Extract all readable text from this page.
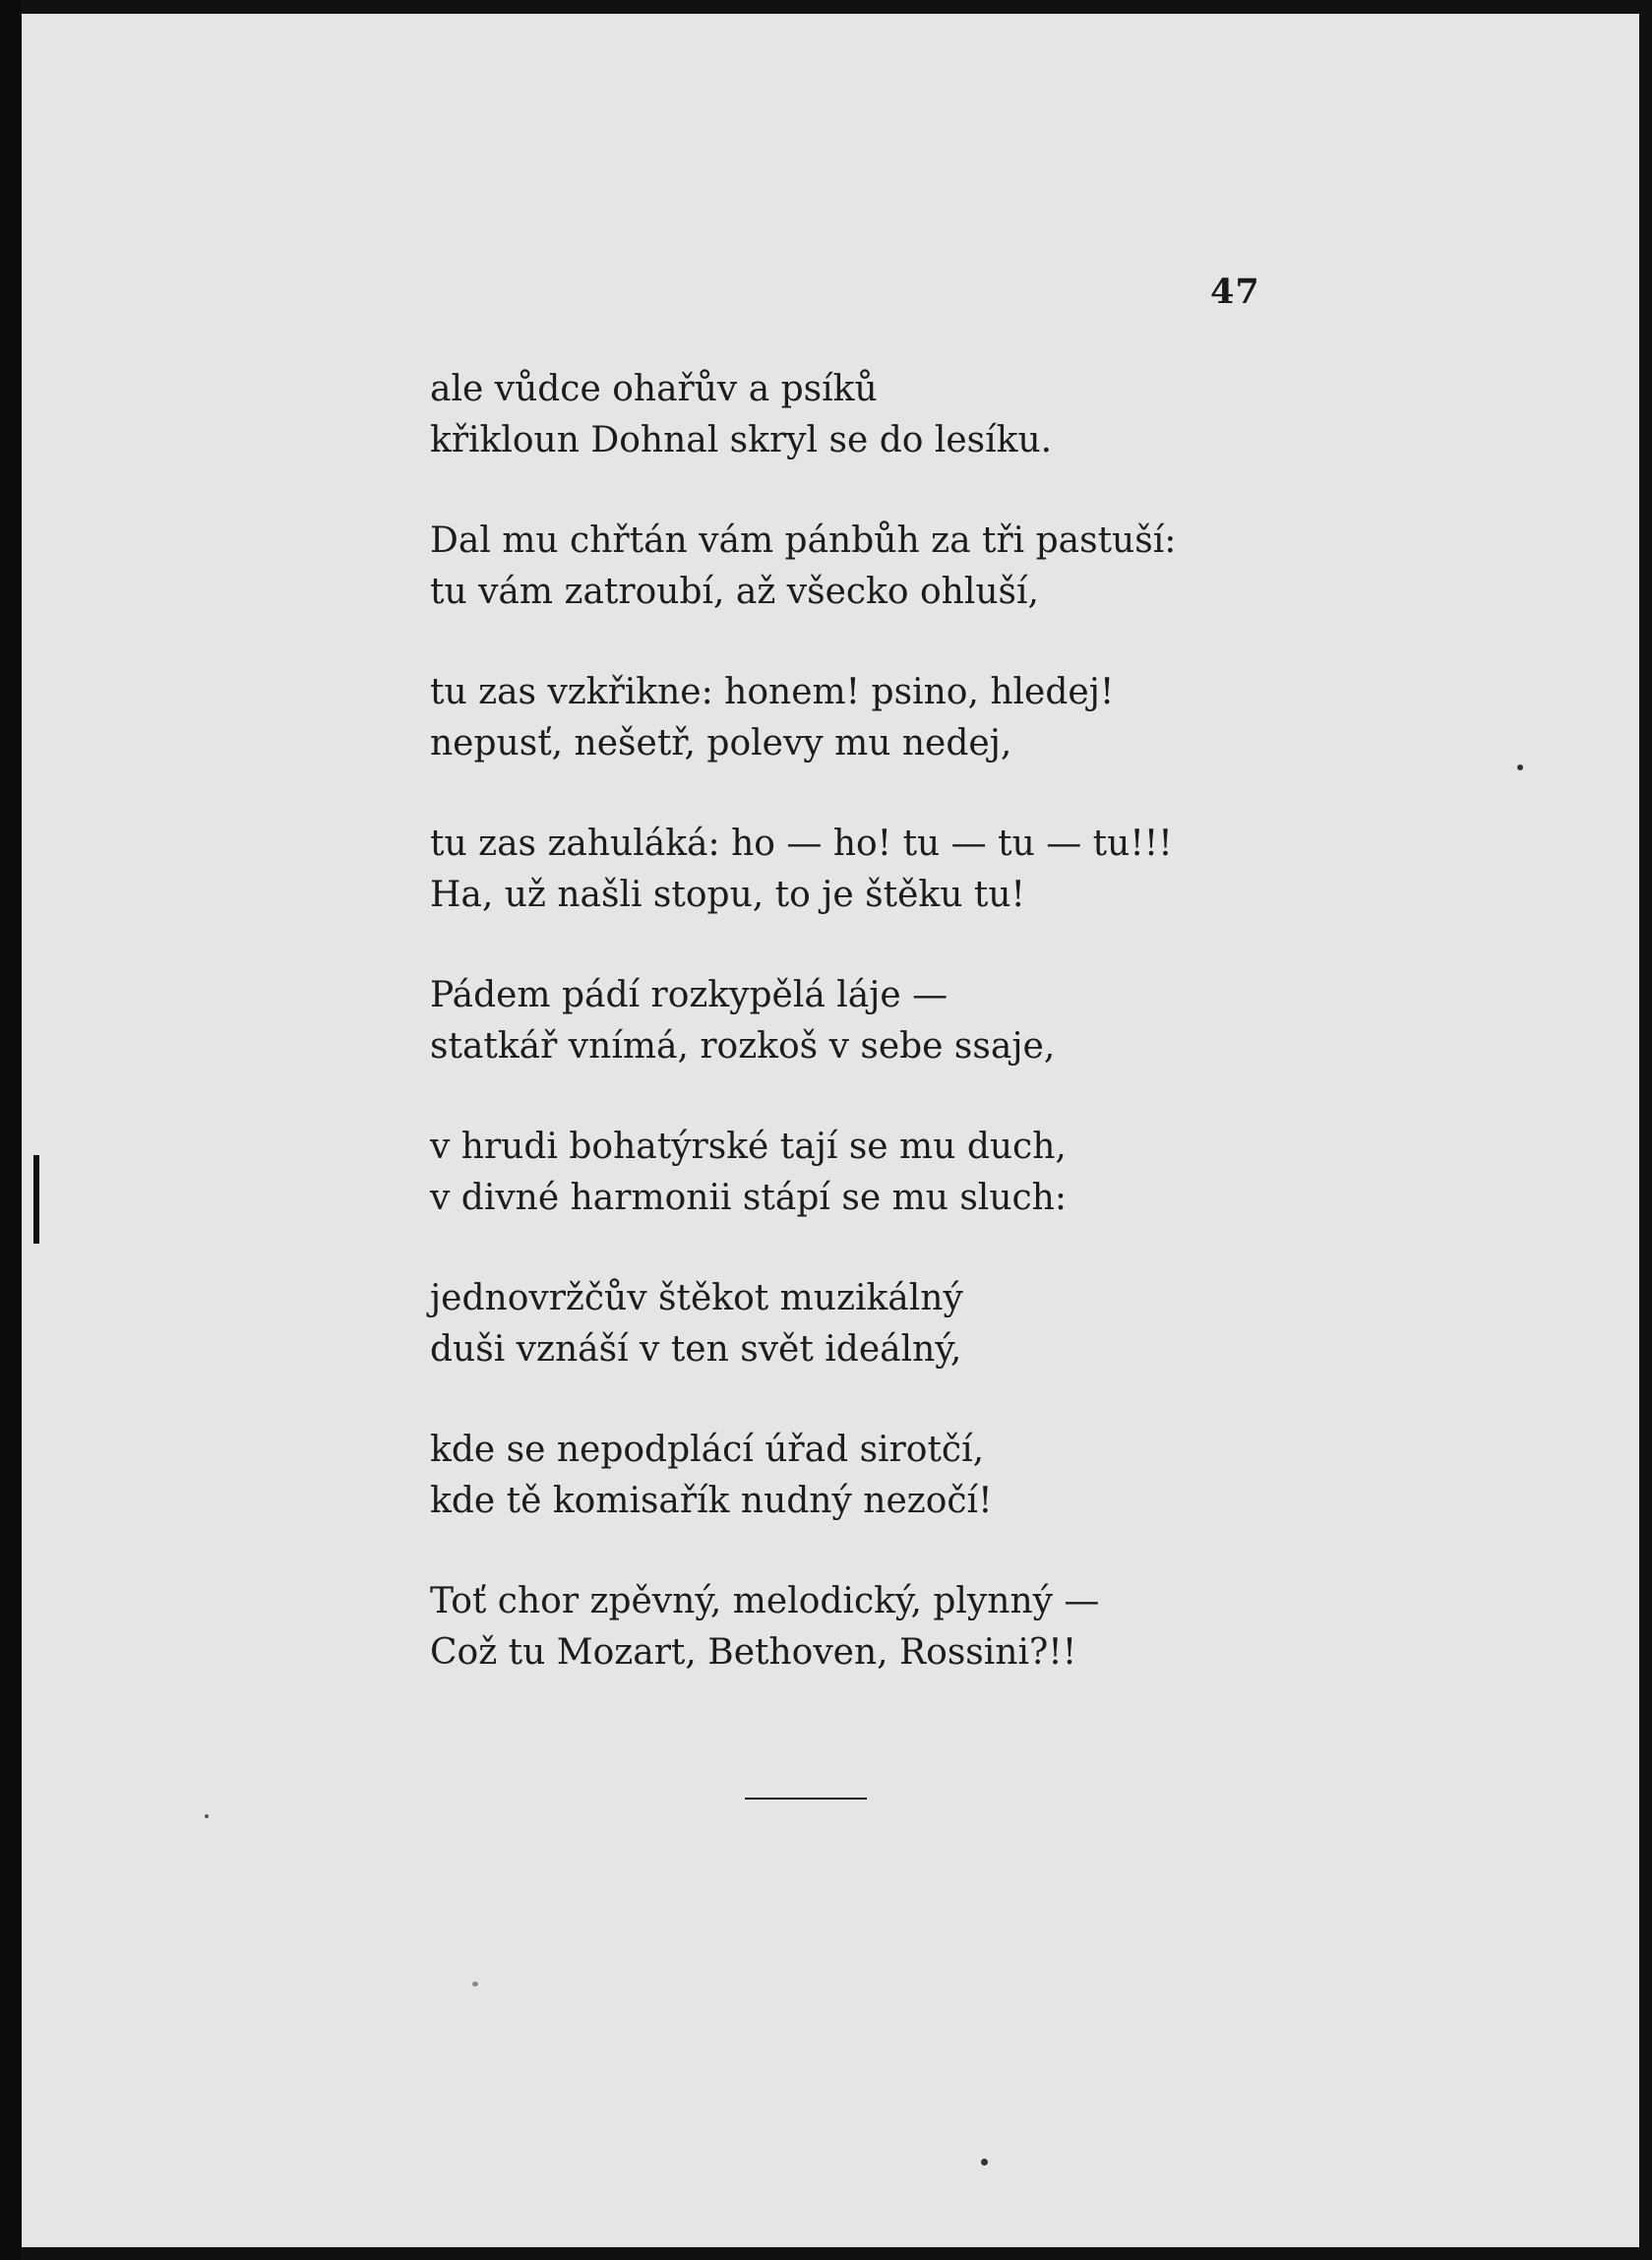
47
ale vůdce ohařův a psíků
křikloun Dohnal skryl se do lesíku.
Dal mu chřtán vám pánbůh za tři pastuší:
tu vám zatroubí, až všecko ohluší,
tu zas vzkřikne: honem! psino, hledej!
nepusť, nešetř, polevy mu nedej,
tu zas zahuláká: ho — ho! tu — tu — tu!!!
Ha, už našli stopu, to je štěku tu!
Pádem pádí rozkypělá láje —
statkář vnímá, rozkoš v sebe ssaje,
v hrudi bohatýrské tají se mu duch,
v divné harmonii stápí se mu sluch:
jednovržčův štěkot muzikálný
duši vznáší v ten svět ideálný,
kde se nepodplácí úřad sirotčí,
kde tě komisařík nudný nezočí!
Toť chor zpěvný, melodický, plynný —
Což tu Mozart, Bethoven, Rossini?!!
